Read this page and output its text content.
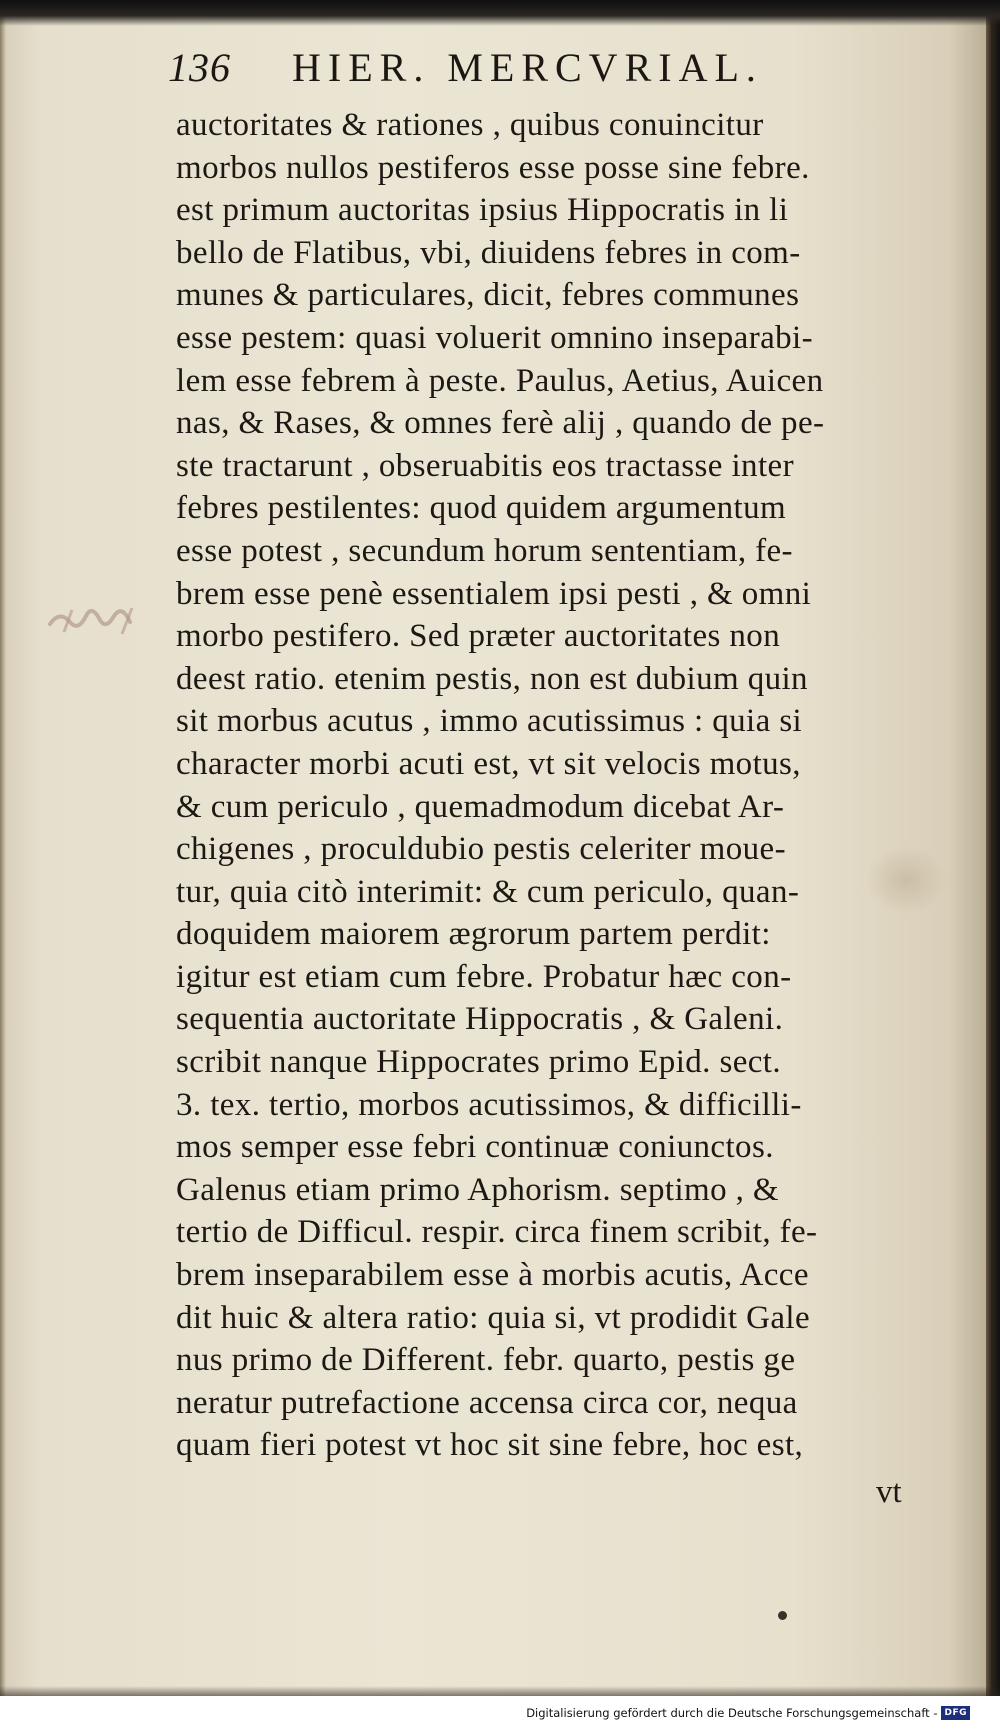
136 HIER. MERCVRIAL.
auctoritates & rationes , quibus conuincitur
morbos nullos pestiferos esse posse sine febre.
est primum auctoritas ipsius Hippocratis in li
bello de Flatibus, vbi, diuidens febres in com-
munes & particulares, dicit, febres communes
esse pestem: quasi voluerit omnino inseparabi-
lem esse febrem à peste. Paulus, Aetius, Auicen
nas, & Rases, & omnes ferè alij , quando de pe-
ste tractarunt , obseruabitis eos tractasse inter
febres pestilentes: quod quidem argumentum
esse potest , secundum horum sententiam, fe-
brem esse penè essentialem ipsi pesti , & omni
morbo pestifero. Sed præter auctoritates non
deest ratio. etenim pestis, non est dubium quin
sit morbus acutus , immo acutissimus : quia si
character morbi acuti est, vt sit velocis motus,
& cum periculo , quemadmodum dicebat Ar-
chigenes , proculdubio pestis celeriter moue-
tur, quia citò interimit: & cum periculo, quan-
doquidem maiorem ægrorum partem perdit:
igitur est etiam cum febre. Probatur hæc con-
sequentia auctoritate Hippocratis , & Galeni.
scribit nanque Hippocrates primo Epid. sect.
3. tex. tertio, morbos acutissimos, & difficilli-
mos semper esse febri continuæ coniunctos.
Galenus etiam primo Aphorism. septimo , &
tertio de Difficul. respir. circa finem scribit, fe-
brem inseparabilem esse à morbis acutis, Acce
dit huic & altera ratio: quia si, vt prodidit Gale
nus primo de Different. febr. quarto, pestis ge
neratur putrefactione accensa circa cor, nequa
quam fieri potest vt hoc sit sine febre, hoc est,
vt
Digitalisierung gefördert durch die Deutsche Forschungsgemeinschaft - DFG
